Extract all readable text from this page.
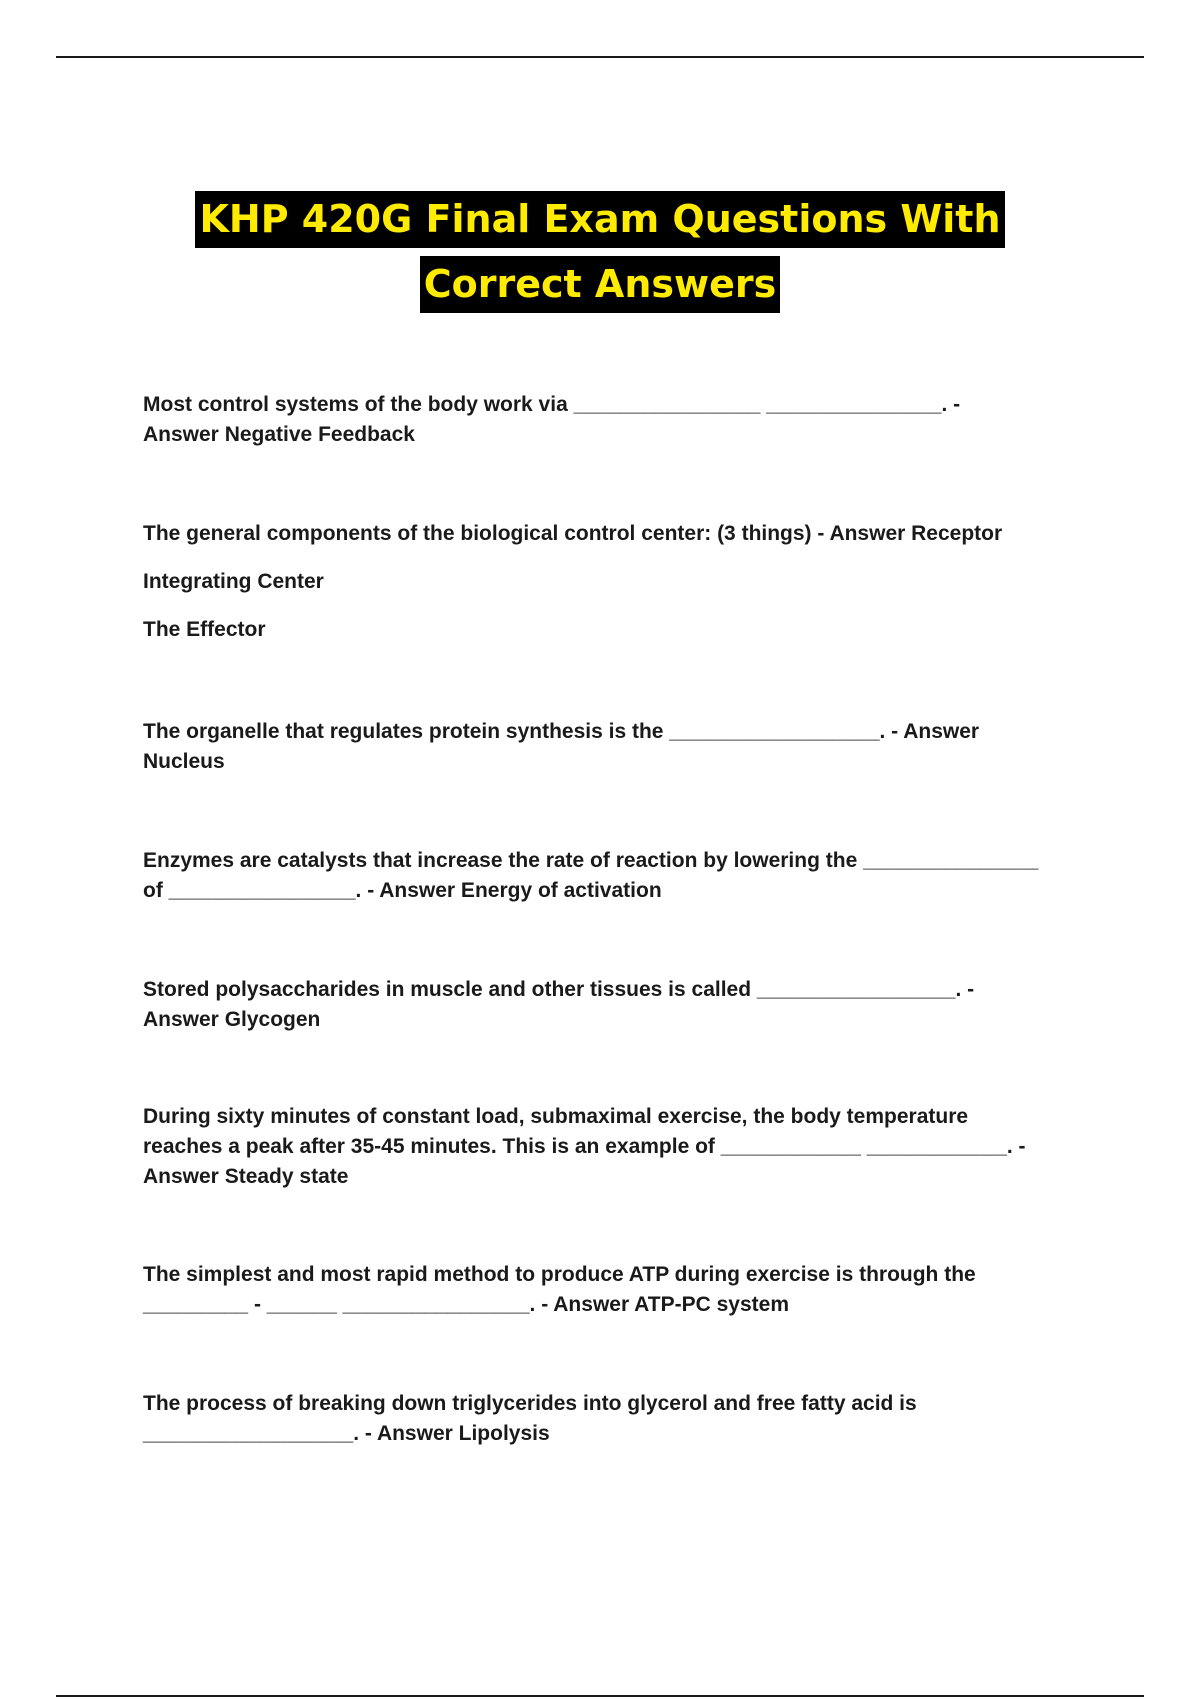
KHP 420G Final Exam Questions With
Correct Answers

Most control systems of the body work via ________________ _______________. -

Answer Negative Feedback

The general components of the biological control center: (3 things) - Answer Receptor

Integrating Center

The Effector

The organelle that regulates protein synthesis is the __________________. - Answer

Nucleus

Enzymes are catalysts that increase the rate of reaction by lowering the _______________

of ________________. - Answer Energy of activation

Stored polysaccharides in muscle and other tissues is called _________________. -

Answer Glycogen

During sixty minutes of constant load, submaximal exercise, the body temperature

reaches a peak after 35-45 minutes. This is an example of ____________ ____________. -

Answer Steady state

The simplest and most rapid method to produce ATP during exercise is through the

_________ - ______ ________________. - Answer ATP-PC system

The process of breaking down triglycerides into glycerol and free fatty acid is

__________________. - Answer Lipolysis
